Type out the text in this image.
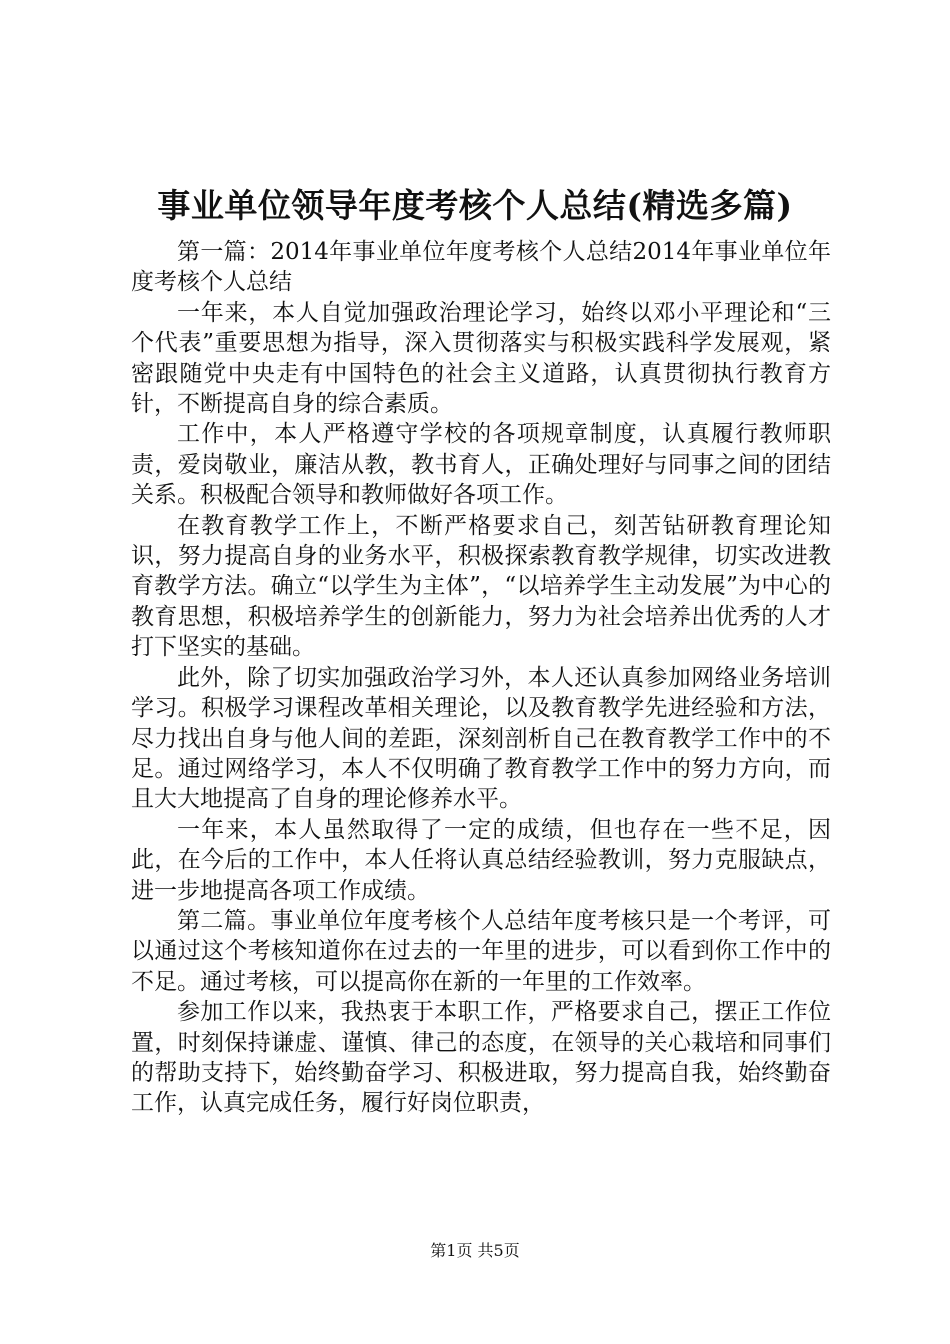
事业单位领导年度考核个人总结(精选多篇)

第一篇：2014年事业单位年度考核个人总结2014年事业单位年度考核个人总结

一年来，本人自觉加强政治理论学习，始终以邓小平理论和“三个代表”重要思想为指导，深入贯彻落实与积极实践科学发展观，紧密跟随党中央走有中国特色的社会主义道路，认真贯彻执行教育方针，不断提高自身的综合素质。

工作中，本人严格遵守学校的各项规章制度，认真履行教师职责，爱岗敬业，廉洁从教，教书育人，正确处理好与同事之间的团结关系。积极配合领导和教师做好各项工作。

在教育教学工作上，不断严格要求自己，刻苦钻研教育理论知识，努力提高自身的业务水平，积极探索教育教学规律，切实改进教育教学方法。确立“以学生为主体”，“以培养学生主动发展”为中心的教育思想，积极培养学生的创新能力，努力为社会培养出优秀的人才打下坚实的基础。

此外，除了切实加强政治学习外，本人还认真参加网络业务培训学习。积极学习课程改革相关理论，以及教育教学先进经验和方法，尽力找出自身与他人间的差距，深刻剖析自己在教育教学工作中的不足。通过网络学习，本人不仅明确了教育教学工作中的努力方向，而且大大地提高了自身的理论修养水平。

一年来，本人虽然取得了一定的成绩，但也存在一些不足，因此，在今后的工作中，本人任将认真总结经验教训，努力克服缺点，进一步地提高各项工作成绩。

第二篇。事业单位年度考核个人总结年度考核只是一个考评，可以通过这个考核知道你在过去的一年里的进步，可以看到你工作中的不足。通过考核，可以提高你在新的一年里的工作效率。

参加工作以来，我热衷于本职工作，严格要求自己，摆正工作位置，时刻保持谦虚、谨慎、律己的态度，在领导的关心栽培和同事们的帮助支持下，始终勤奋学习、积极进取，努力提高自我，始终勤奋工作，认真完成任务，履行好岗位职责，

第1页 共5页
